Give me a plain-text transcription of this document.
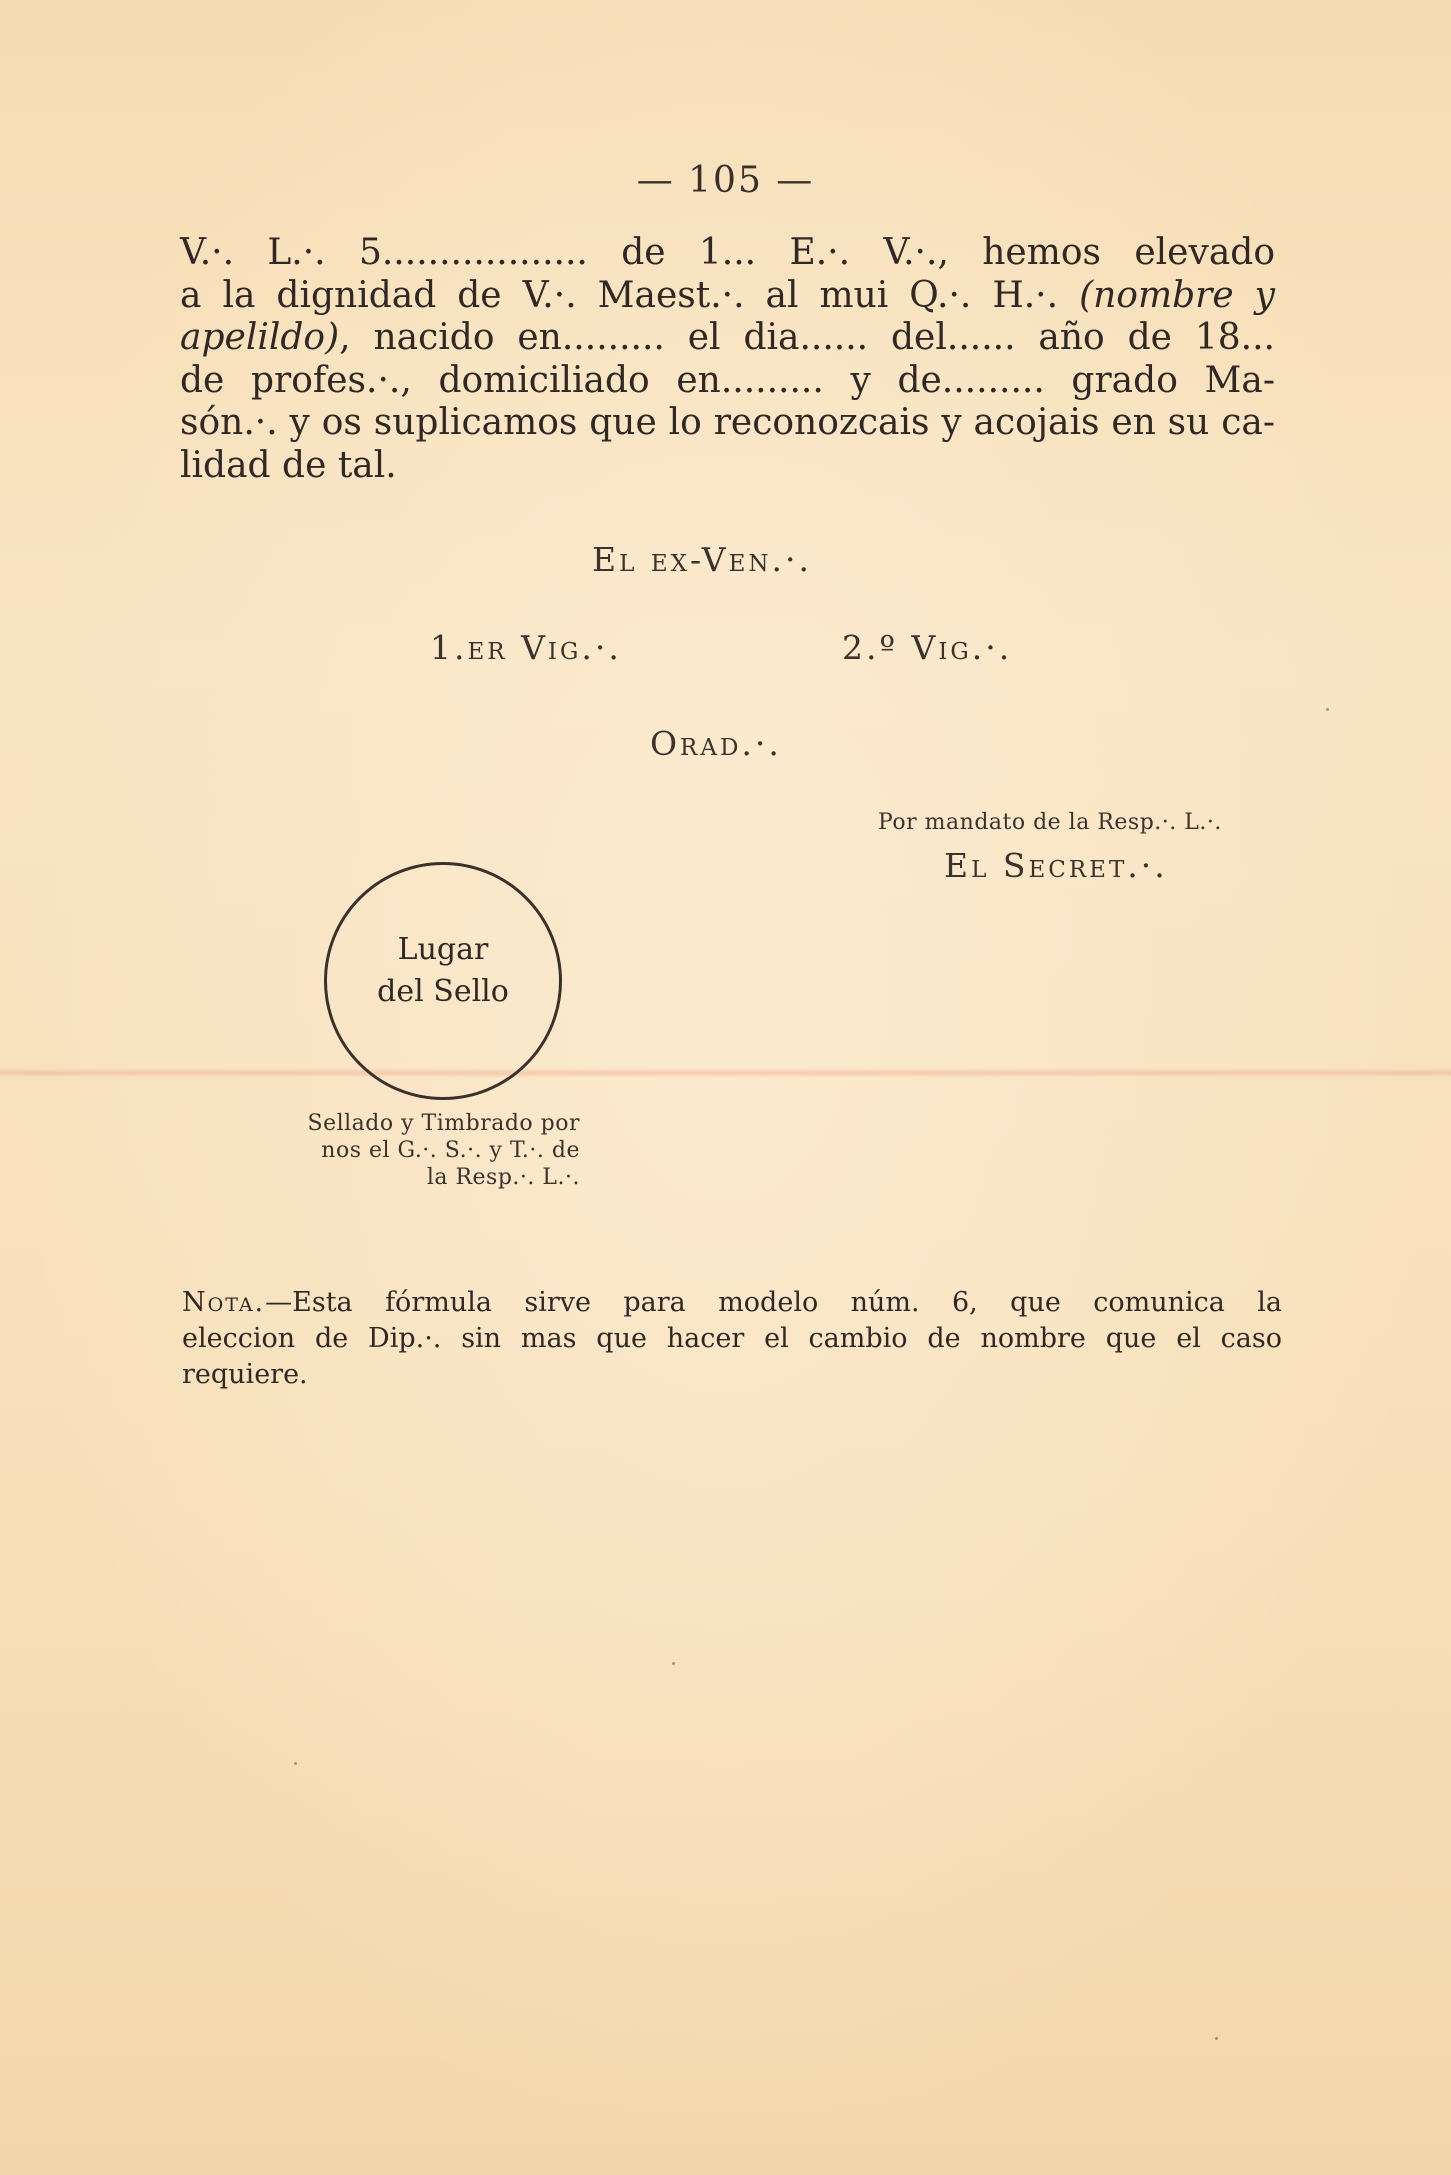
— 105 —
V.·. L.·. 5.................. de 1... E.·. V.·., hemos elevado
a la dignidad de V.·. Maest.·. al mui Q.·. H.·. (nombre y
apelildo), nacido en......... el dia...... del...... año de 18...
de profes.·., domiciliado en......... y de......... grado Ma-
són.·. y os suplicamos que lo reconozcais y acojais en su ca-
lidad de tal.
El ex-Ven.·.
1.er Vig.·.	2.º Vig.·.
Orad.·.
Por mandato de la Resp.·. L.·.
El Secret.·.
Lugar
del Sello
Sellado y Timbrado por
nos el G.·. S.·. y T.·. de
la Resp.·. L.·.
Nota.—Esta fórmula sirve para modelo núm. 6, que comunica la
eleccion de Dip.·. sin mas que hacer el cambio de nombre que el caso
requiere.
